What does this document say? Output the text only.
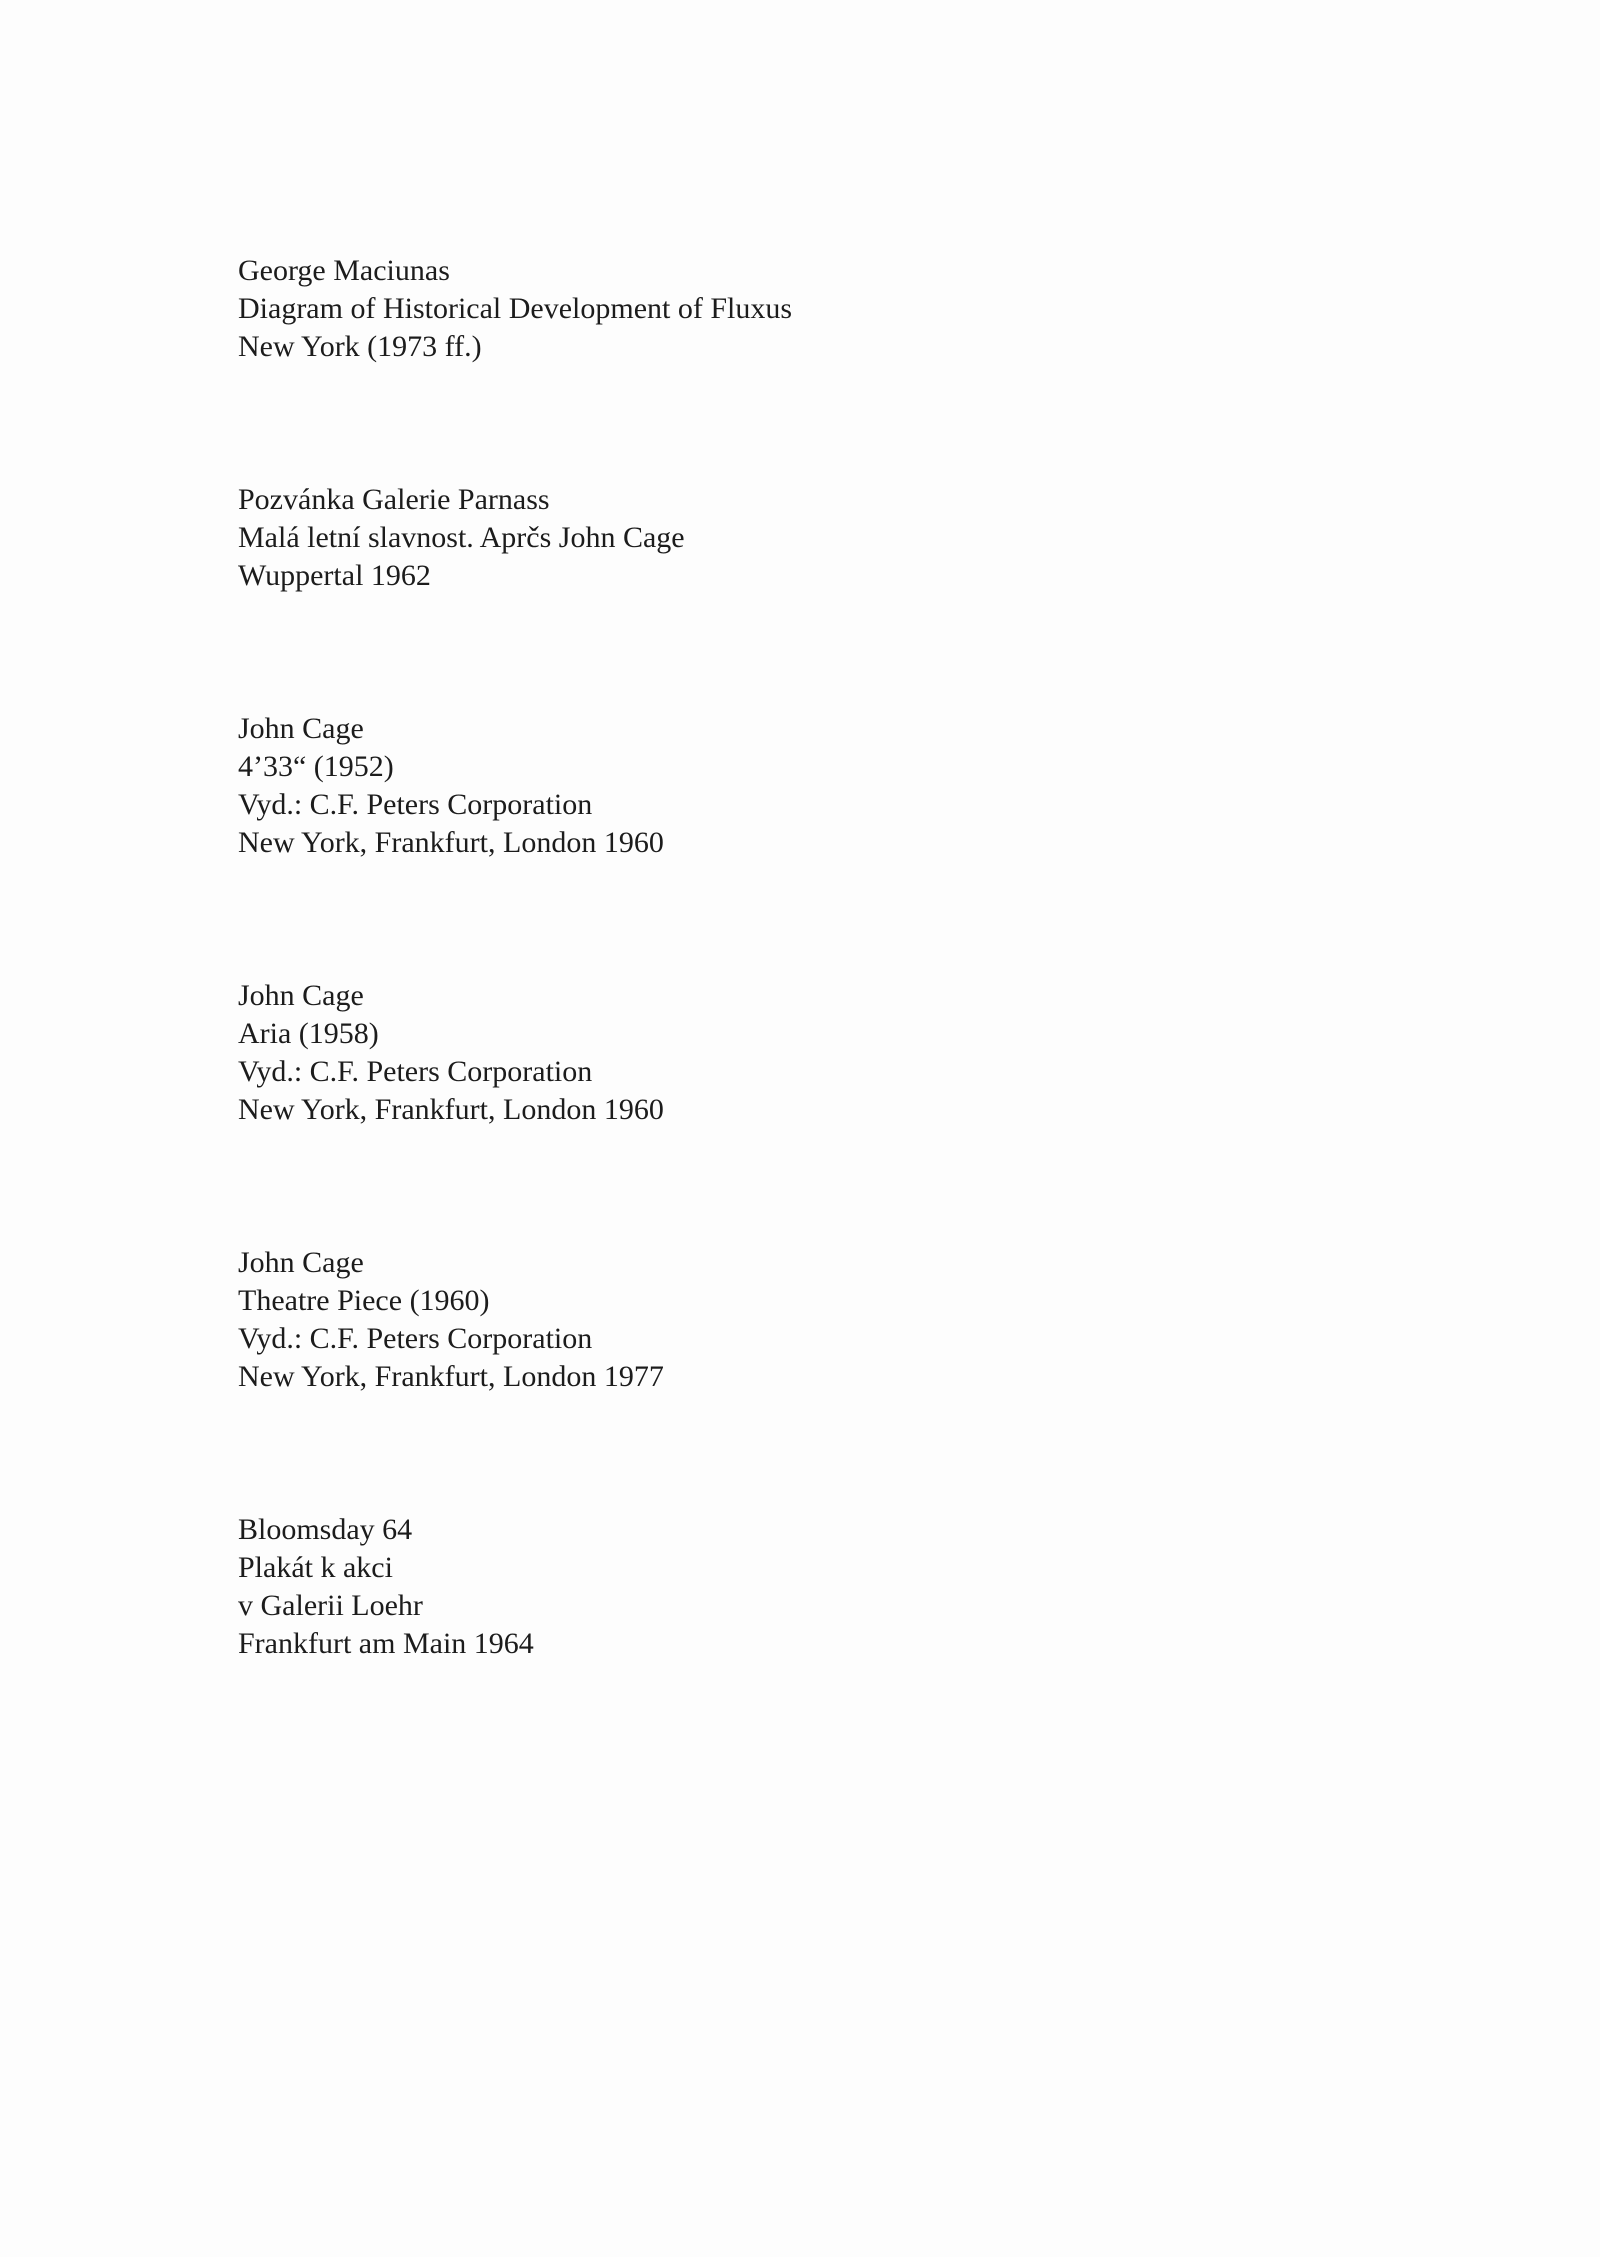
George Maciunas
Diagram of Historical Development of Fluxus
New York (1973 ff.)
Pozvánka Galerie Parnass
Malá letní slavnost. Aprčs John Cage
Wuppertal 1962
John Cage
4’33“ (1952)
Vyd.: C.F. Peters Corporation
New York, Frankfurt, London 1960
John Cage
Aria (1958)
Vyd.: C.F. Peters Corporation
New York, Frankfurt, London 1960
John Cage
Theatre Piece (1960)
Vyd.: C.F. Peters Corporation
New York, Frankfurt, London 1977
Bloomsday 64
Plakát k akci
v Galerii Loehr
Frankfurt am Main 1964
